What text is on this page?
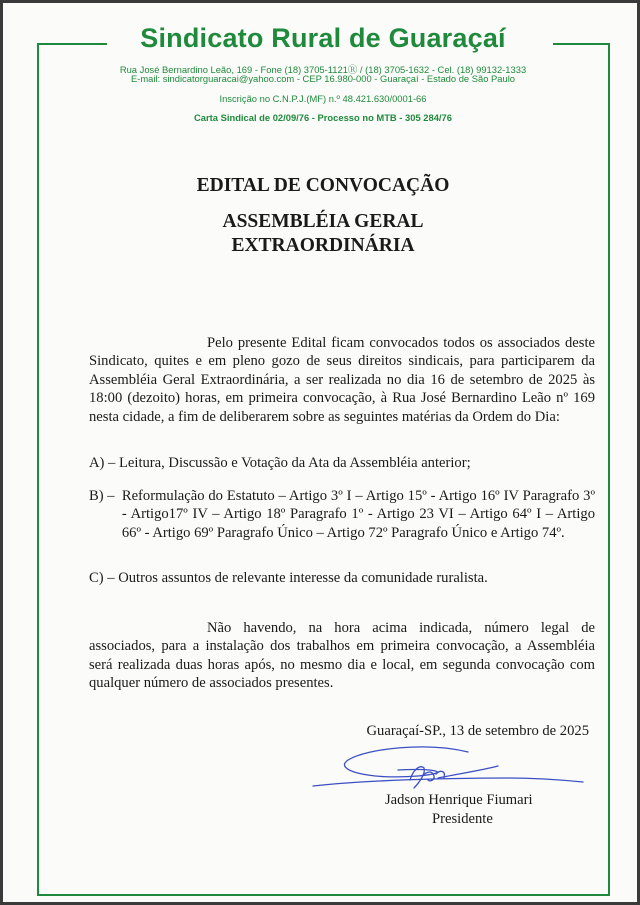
Sindicato Rural de Guaraçaí
Rua José Bernardino Leão, 169 - Fone (18) 3705-1121Ⓡ / (18) 3705-1632 - Cel. (18) 99132-1333
E-mail: sindicatorguaracai@yahoo.com - CEP 16.980-000 - Guaraçaí - Estado de São Paulo
Inscrição no C.N.P.J.(MF) n.º 48.421.630/0001-66
Carta Sindical de 02/09/76 - Processo no MTB - 305 284/76
EDITAL DE CONVOCAÇÃO
ASSEMBLÉIA GERAL
EXTRAORDINÁRIA
Pelo presente Edital ficam convocados todos os associados deste Sindicato, quites e em pleno gozo de seus direitos sindicais, para participarem da Assembléia Geral Extraordinária, a ser realizada no dia 16 de setembro de 2025 às 18:00 (dezoito) horas, em primeira convocação, à Rua José Bernardino Leão nº 169 nesta cidade, a fim de deliberarem sobre as seguintes matérias da Ordem do Dia:
A) – Leitura, Discussão e Votação da Ata da Assembléia anterior;
B) – Reformulação do Estatuto – Artigo 3º I – Artigo 15º - Artigo 16º IV Paragrafo 3º - Artigo17º IV – Artigo 18º Paragrafo 1º - Artigo 23 VI – Artigo 64º I – Artigo 66º - Artigo 69º Paragrafo Único – Artigo 72º Paragrafo Único e Artigo 74º.
C) – Outros assuntos de relevante interesse da comunidade ruralista.
Não havendo, na hora acima indicada, número legal de associados, para a instalação dos trabalhos em primeira convocação, a Assembléia será realizada duas horas após, no mesmo dia e local, em segunda convocação com qualquer número de associados presentes.
Guaraçaí-SP., 13 de setembro de 2025
Jadson Henrique Fiumari
Presidente
